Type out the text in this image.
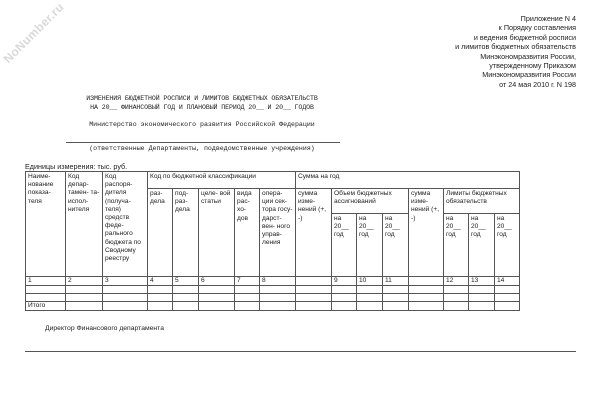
NoNumber.ru	Приложение N 4
к Порядку составления
и ведения бюджетной росписи
и лимитов бюджетных обязательств
Минэкономразвития России,
утвержденному Приказом
Минэкономразвития России
от 24 мая 2010 г. N 198
ИЗМЕНЕНИЯ БЮДЖЕТНОЙ РОСПИСИ И ЛИМИТОВ БЮДЖЕТНЫХ ОБЯЗАТЕЛЬСТВ
НА 20__ ФИНАНСОВЫЙ ГОД И ПЛАНОВЫЙ ПЕРИОД 20__ И 20__ ГОДОВ
Министерство экономического развития Российской Федерации
(ответственные Департаменты, подведомственные учреждения)
Единицы измерения: тыс. руб.
Наиме- нование показа- теля	Код депар- тамен- та- испол- нителя	Код распоря- дителя (получа- теля) средств феде- рального бюджета по Сводному реестру	Код по бюджетной классификации					Сумма на год							
			раз- дела	под- раз- дела	целе- вой статьи	вида рас- хо- дов	опера- ции сек- тора госу- дарст- вен- ного управ- ления	сумма изме- нений (+, -)	Объем бюджетных ассигнований			сумма изме- нений (+, -)	Лимиты бюджетных обязательств		
									на 20__ год	на 20__ год	на 20__ год		на 20__ год	на 20__ год	на 20__ год
1	2	3	4	5	6	7	8		9	10	11		12	13	14

Итого															
Директор Финансового департамента
